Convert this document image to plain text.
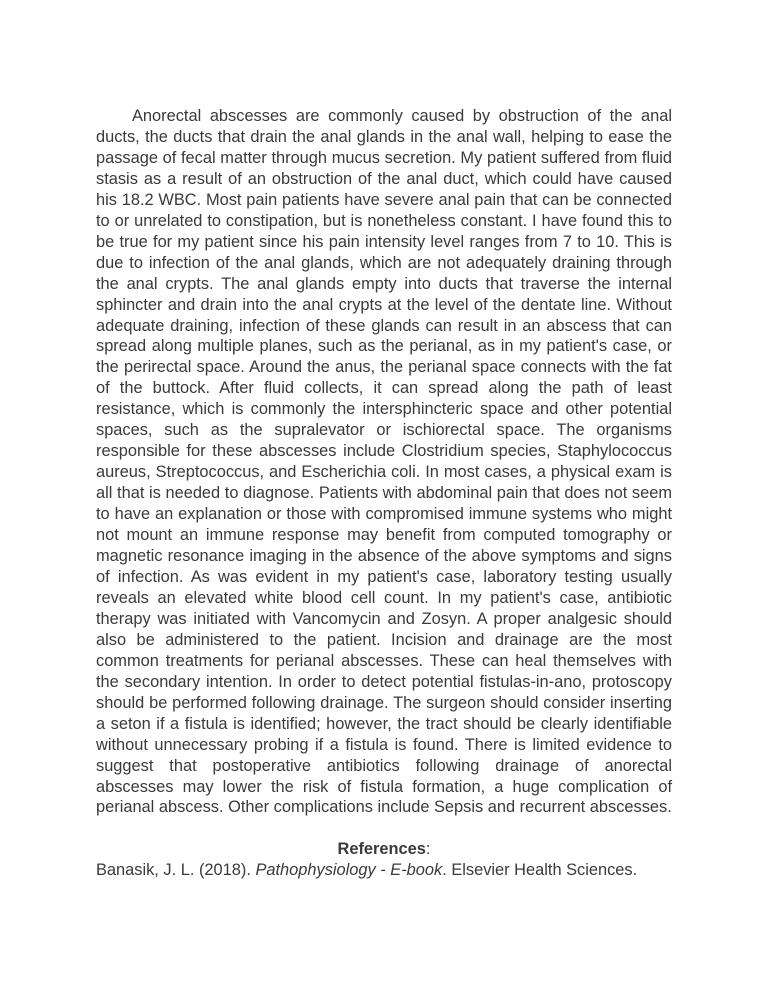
Anorectal abscesses are commonly caused by obstruction of the anal ducts, the ducts that drain the anal glands in the anal wall, helping to ease the passage of fecal matter through mucus secretion. My patient suffered from fluid stasis as a result of an obstruction of the anal duct, which could have caused his 18.2 WBC. Most pain patients have severe anal pain that can be connected to or unrelated to constipation, but is nonetheless constant. I have found this to be true for my patient since his pain intensity level ranges from 7 to 10. This is due to infection of the anal glands, which are not adequately draining through the anal crypts. The anal glands empty into ducts that traverse the internal sphincter and drain into the anal crypts at the level of the dentate line. Without adequate draining, infection of these glands can result in an abscess that can spread along multiple planes, such as the perianal, as in my patient's case, or the perirectal space. Around the anus, the perianal space connects with the fat of the buttock. After fluid collects, it can spread along the path of least resistance, which is commonly the intersphincteric space and other potential spaces, such as the supralevator or ischiorectal space. The organisms responsible for these abscesses include Clostridium species, Staphylococcus aureus, Streptococcus, and Escherichia coli. In most cases, a physical exam is all that is needed to diagnose. Patients with abdominal pain that does not seem to have an explanation or those with compromised immune systems who might not mount an immune response may benefit from computed tomography or magnetic resonance imaging in the absence of the above symptoms and signs of infection. As was evident in my patient's case, laboratory testing usually reveals an elevated white blood cell count. In my patient's case, antibiotic therapy was initiated with Vancomycin and Zosyn. A proper analgesic should also be administered to the patient. Incision and drainage are the most common treatments for perianal abscesses. These can heal themselves with the secondary intention. In order to detect potential fistulas-in-ano, protoscopy should be performed following drainage. The surgeon should consider inserting a seton if a fistula is identified; however, the tract should be clearly identifiable without unnecessary probing if a fistula is found. There is limited evidence to suggest that postoperative antibiotics following drainage of anorectal abscesses may lower the risk of fistula formation, a huge complication of perianal abscess. Other complications include Sepsis and recurrent abscesses.

References:

Banasik, J. L. (2018). Pathophysiology - E-book. Elsevier Health Sciences.
